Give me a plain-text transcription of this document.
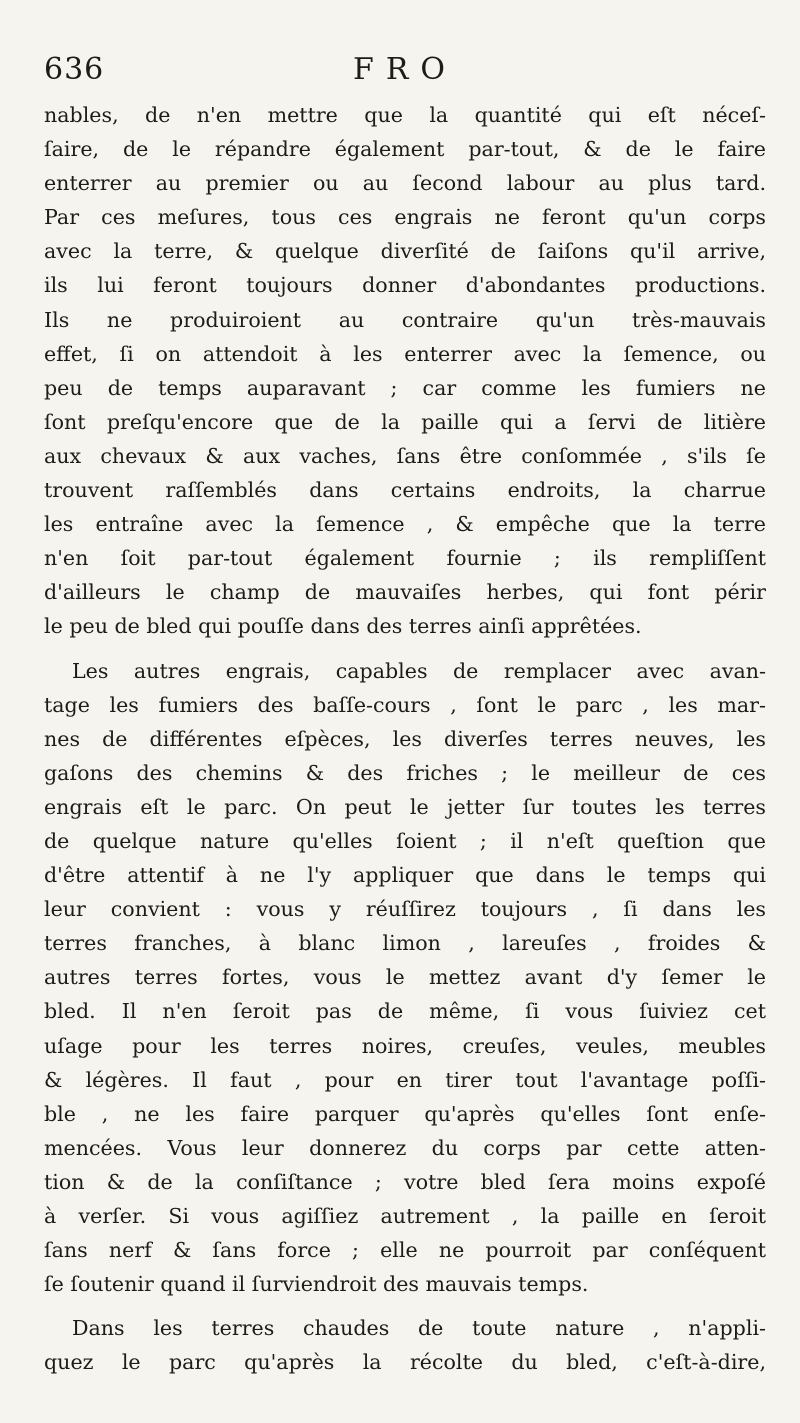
636	FRO
nables, de n'en mettre que la quantité qui eſt néceſ-
ſaire, de le répandre également par-tout, & de le faire
enterrer au premier ou au ſecond labour au plus tard.
Par ces meſures, tous ces engrais ne feront qu'un corps
avec la terre, & quelque diverſité de ſaiſons qu'il arrive,
ils lui feront toujours donner d'abondantes productions.
Ils ne produiroient au contraire qu'un très-mauvais
effet, ſi on attendoit à les enterrer avec la ſemence, ou
peu de temps auparavant ; car comme les fumiers ne
ſont preſqu'encore que de la paille qui a ſervi de litière
aux chevaux & aux vaches, ſans être conſommée , s'ils ſe
trouvent raſſemblés dans certains endroits, la charrue
les entraîne avec la ſemence , & empêche que la terre
n'en ſoit par-tout également fournie ; ils rempliſſent
d'ailleurs le champ de mauvaiſes herbes, qui font périr
le peu de bled qui pouſſe dans des terres ainſi apprêtées.
Les autres engrais, capables de remplacer avec avan-
tage les fumiers des baſſe-cours , ſont le parc , les mar-
nes de différentes eſpèces, les diverſes terres neuves, les
gaſons des chemins & des friches ; le meilleur de ces
engrais eſt le parc. On peut le jetter ſur toutes les terres
de quelque nature qu'elles ſoient ; il n'eſt queſtion que
d'être attentif à ne l'y appliquer que dans le temps qui
leur convient : vous y réuſſirez toujours , ſi dans les
terres franches, à blanc limon , lareuſes , froides &
autres terres fortes, vous le mettez avant d'y ſemer le
bled. Il n'en ſeroit pas de même, ſi vous ſuiviez cet
uſage pour les terres noires, creuſes, veules, meubles
& légères. Il faut , pour en tirer tout l'avantage poſſi-
ble , ne les faire parquer qu'après qu'elles ſont enſe-
mencées. Vous leur donnerez du corps par cette atten-
tion & de la conſiſtance ; votre bled ſera moins expoſé
à verſer. Si vous agiſſiez autrement , la paille en ſeroit
ſans nerf & ſans force ; elle ne pourroit par conſéquent
ſe ſoutenir quand il ſurviendroit des mauvais temps.
Dans les terres chaudes de toute nature , n'appli-
quez le parc qu'après la récolte du bled, c'eſt-à-dire,
